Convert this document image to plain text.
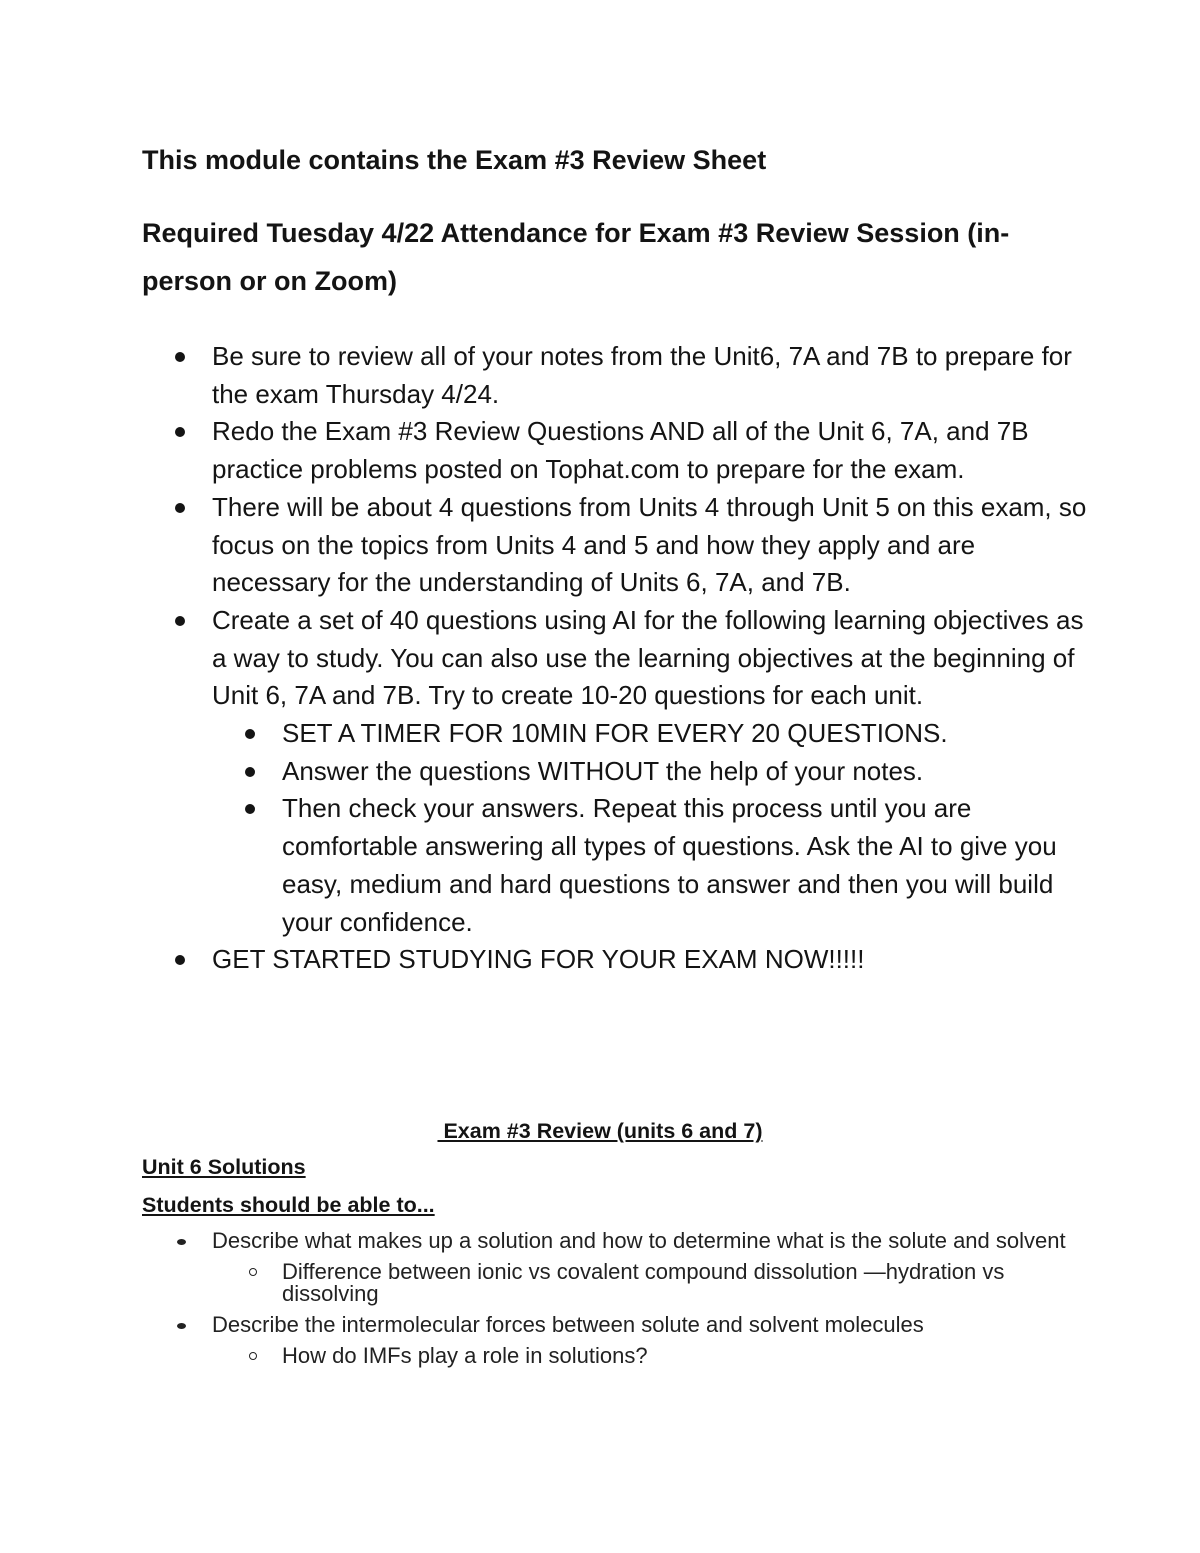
This module contains the Exam #3 Review Sheet
Required Tuesday 4/22 Attendance for Exam #3 Review Session (in-person or on Zoom)
Be sure to review all of your notes from the Unit6, 7A and 7B to prepare for the exam Thursday 4/24.
Redo the Exam #3 Review Questions AND all of the Unit 6, 7A, and 7B practice problems posted on Tophat.com to prepare for the exam.
There will be about 4 questions from Units 4 through Unit 5 on this exam, so focus on the topics from Units 4 and 5 and how they apply and are necessary for the understanding of Units 6, 7A, and 7B.
Create a set of 40 questions using AI for the following learning objectives as a way to study. You can also use the learning objectives at the beginning of Unit 6, 7A and 7B. Try to create 10-20 questions for each unit.
SET A TIMER FOR 10MIN FOR EVERY 20 QUESTIONS.
Answer the questions WITHOUT the help of your notes.
Then check your answers. Repeat this process until you are comfortable answering all types of questions. Ask the AI to give you easy, medium and hard questions to answer and then you will build your confidence.
GET STARTED STUDYING FOR YOUR EXAM NOW!!!!!

Exam #3 Review (units 6 and 7)

Unit 6 Solutions

Students should be able to...

Describe what makes up a solution and how to determine what is the solute and solvent
Difference between ionic vs covalent compound dissolution —hydration vs dissolving
Describe the intermolecular forces between solute and solvent molecules
How do IMFs play a role in solutions?
